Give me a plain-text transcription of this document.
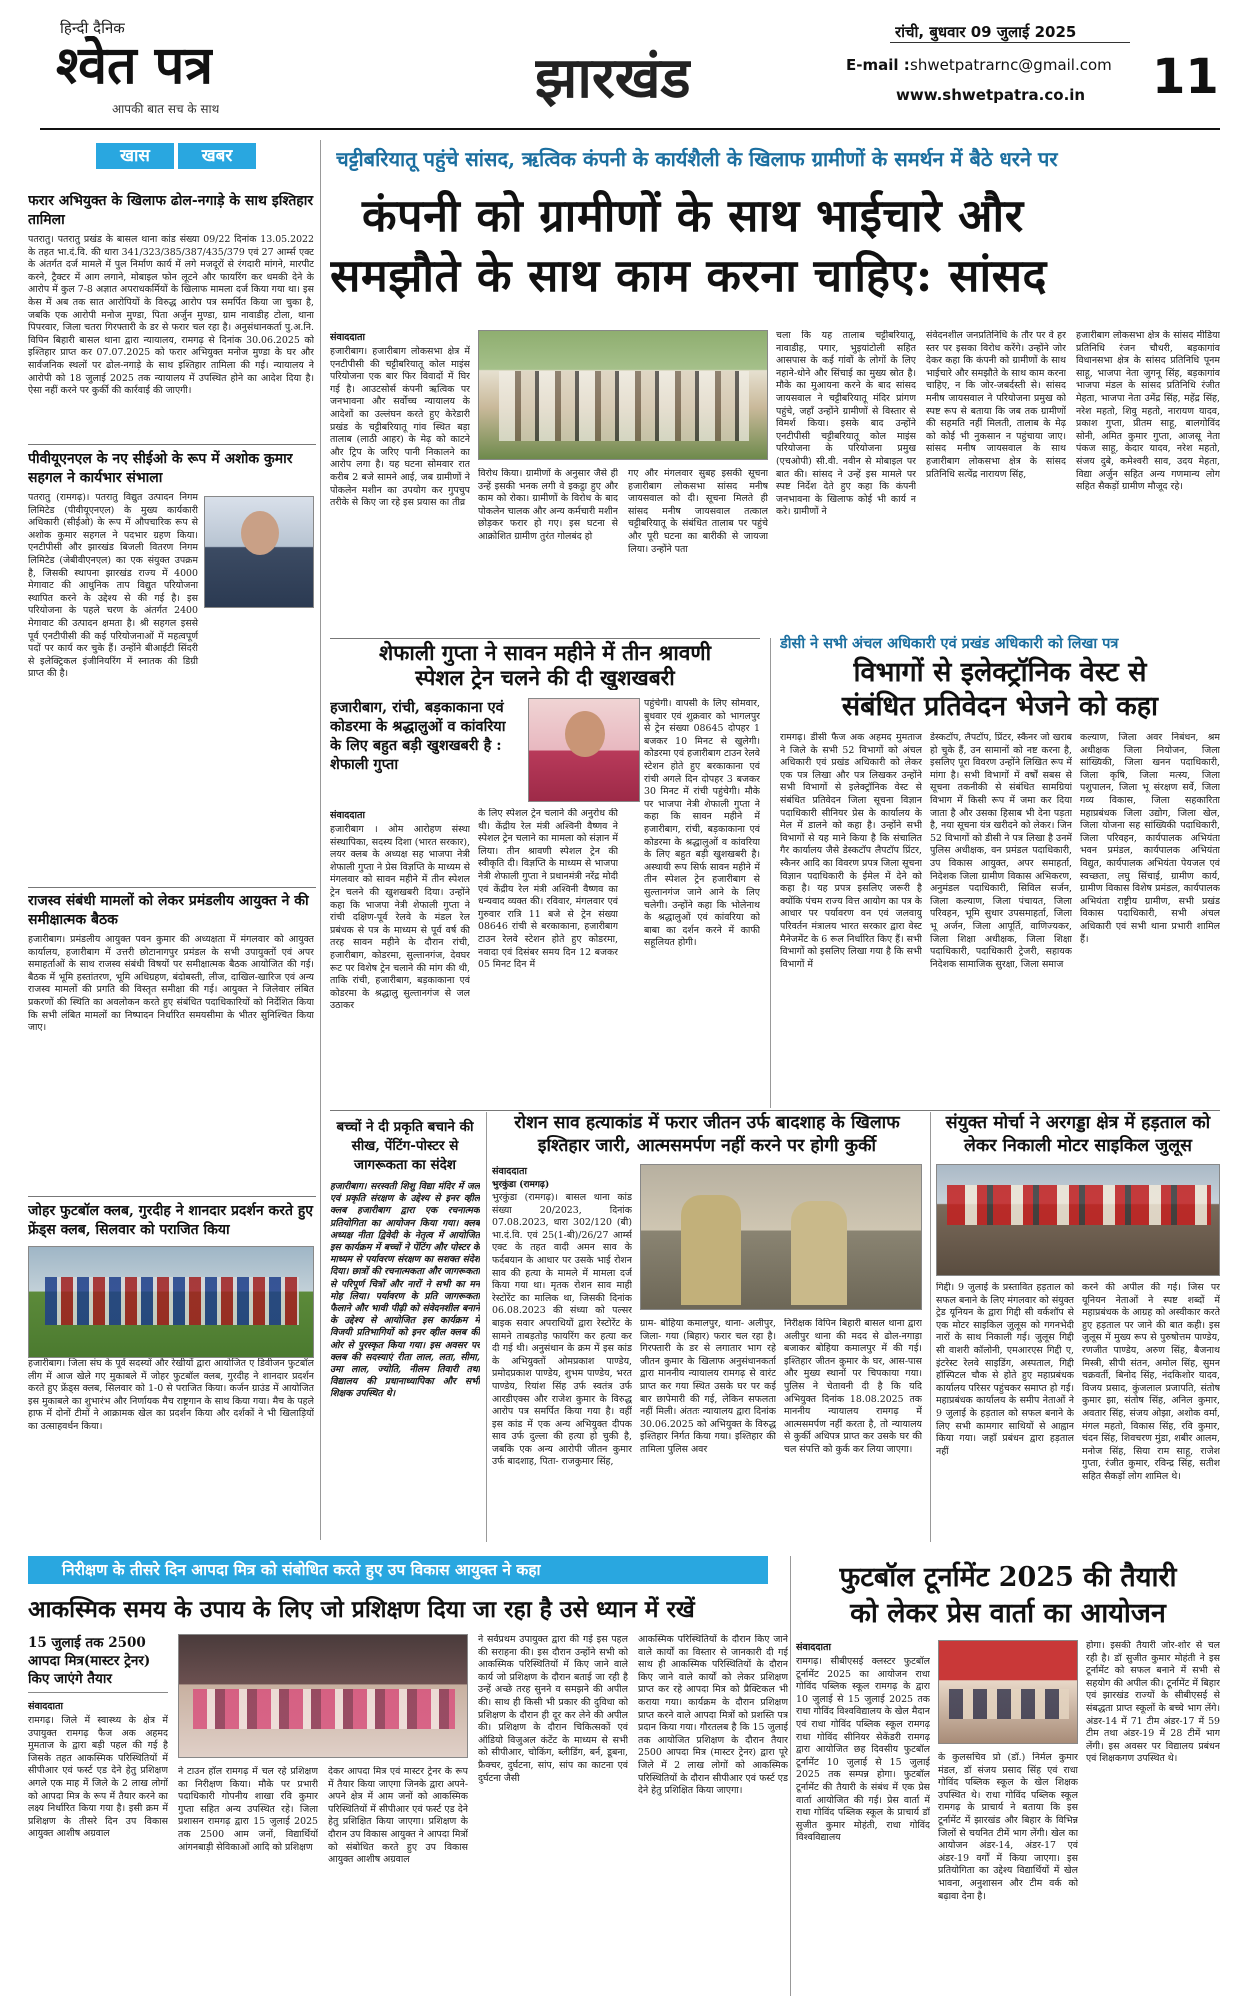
हिन्दी दैनिक
श्वेत पत्र
आपकी बात सच के साथ	झारखंड
रांची, बुधवार 09 जुलाई 2025
E-mail : shwetpatrarnc@gmail.com
www.shwetpatra.co.in 11
खास	खबर	चट्टीबरियातू पहुंचे सांसद, ऋत्विक कंपनी के कार्यशैली के खिलाफ ग्रामीणों के समर्थन में बैठे धरने पर
कंपनी को ग्रामीणों के साथ भाईचारे और
समझौते के साथ काम करना चाहिए: सांसद
फरार अभियुक्त के खिलाफ ढोल-नगाड़े के साथ इश्तिहार तामिला

पतरातु। पतरातु प्रखंड के बासल थाना कांड संख्या 09/22 दिनांक 13.05.2022 के तहत भा.दं.वि. की धारा 341/323/385/387/435/379 एवं 27 आर्म्स एक्ट के अंतर्गत दर्ज मामले में पुल निर्माण कार्य में लगे मजदूरों से रंगदारी मांगने, मारपीट करने, ट्रैक्टर में आग लगाने, मोबाइल फोन लूटने और फायरिंग कर धमकी देने के आरोप में कुल 7-8 अज्ञात अपराधकर्मियों के खिलाफ मामला दर्ज किया गया था। इस केस में अब तक सात आरोपियों के विरुद्ध आरोप पत्र समर्पित किया जा चुका है, जबकि एक आरोपी मनोज मुण्डा, पिता अर्जुन मुण्डा, ग्राम नावाडीह टोला, थाना पिपरवार, जिला चतरा गिरफ्तारी के डर से फरार चल रहा है। अनुसंधानकर्ता पु.अ.नि. विपिन बिहारी बासल थाना द्वारा न्यायालय, रामगढ़ से दिनांक 30.06.2025 को इश्तिहार प्राप्त कर 07.07.2025 को फरार अभियुक्त मनोज मुण्डा के घर और सार्वजनिक स्थलों पर ढोल-नगाड़े के साथ इश्तिहार तामिला की गई। न्यायालय ने आरोपी को 18 जुलाई 2025 तक न्यायालय में उपस्थित होने का आदेश दिया है। ऐसा नहीं करने पर कुर्की की कार्रवाई की जाएगी।

पीवीयूएनएल के नए सीईओ के रूप में अशोक कुमार सहगल ने कार्यभार संभाला

पतरातु (रामगढ़)। पतरातु विद्युत उत्पादन निगम लिमिटेड (पीवीयूएनएल) के मुख्य कार्यकारी अधिकारी (सीईओ) के रूप में औपचारिक रूप से अशोक कुमार सहगल ने पदभार ग्रहण किया। एनटीपीसी और झारखंड बिजली वितरण निगम लिमिटेड (जेबीवीएनएल) का एक संयुक्त उपक्रम है, जिसकी स्थापना झारखंड राज्य में 4000 मेगावाट की आधुनिक ताप विद्युत परियोजना स्थापित करने के उद्देश्य से की गई है। इस परियोजना के पहले चरण के अंतर्गत 2400 मेगावाट की उत्पादन क्षमता है। श्री सहगल इससे पूर्व एनटीपीसी की कई परियोजनाओं में महत्वपूर्ण पदों पर कार्य कर चुके हैं। उन्होंने बीआईटी सिंदरी से इलेक्ट्रिकल इंजीनियरिंग में स्नातक की डिग्री प्राप्त की है।

राजस्व संबंधी मामलों को लेकर प्रमंडलीय आयुक्त ने की समीक्षात्मक बैठक

हजारीबाग। प्रमंडलीय आयुक्त पवन कुमार की अध्यक्षता में मंगलवार को आयुक्त कार्यालय, हजारीबाग में उत्तरी छोटानागपुर प्रमंडल के सभी उपायुक्तों एवं अपर समाहर्ताओं के साथ राजस्व संबंधी विषयों पर समीक्षात्मक बैठक आयोजित की गई। बैठक में भूमि हस्तांतरण, भूमि अधिग्रहण, बंदोबस्ती, लीज, दाखिल-खारिज एवं अन्य राजस्व मामलों की प्रगति की विस्तृत समीक्षा की गई। आयुक्त ने जिलेवार लंबित प्रकरणों की स्थिति का अवलोकन करते हुए संबंधित पदाधिकारियों को निर्देशित किया कि सभी लंबित मामलों का निष्पादन निर्धारित समयसीमा के भीतर सुनिश्चित किया जाए।

जोहर फुटबॉल क्लब, गुरदीह ने शानदार प्रदर्शन करते हुए फ्रेंड्स क्लब, सिलवार को पराजित किया

हजारीबाग। जिला संघ के पूर्व सदस्यों और रेखीयों द्वारा आयोजित ए डिवीजन फुटबॉल लीग में आज खेले गए मुकाबले में जोहर फुटबॉल क्लब, गुरदीह ने शानदार प्रदर्शन करते हुए फ्रेंड्स क्लब, सिलवार को 1-0 से पराजित किया। कर्जन ग्राउंड में आयोजित इस मुकाबले का शुभारंभ और निर्णायक मैच राष्ट्रगान के साथ किया गया। मैच के पहले हाफ में दोनों टीमों ने आक्रामक खेल का प्रदर्शन किया और दर्शकों ने भी खिलाड़ियों का उत्साहवर्धन किया।

संवाददाता

हजारीबाग। हजारीबाग लोकसभा क्षेत्र में एनटीपीसी की चट्टीबरियातू कोल माइंस परियोजना एक बार फिर विवादों में घिर गई है। आउटसोर्स कंपनी ऋत्विक पर जनभावना और सर्वोच्च न्यायालय के आदेशों का उल्लंघन करते हुए केरेडारी प्रखंड के चट्टीबरियातू गांव स्थित बड़ा तालाब (लाठी आहर) के मेढ़ को काटने और ट्रिप के जरिए पानी निकालने का आरोप लगा है। यह घटना सोमवार रात करीब 2 बजे सामने आई, जब ग्रामीणों ने पोकलेन मशीन का उपयोग कर गुपचुप तरीके से किए जा रहे इस प्रयास का तीव्र

विरोध किया। ग्रामीणों के अनुसार जैसे ही उन्हें इसकी भनक लगी वे इकट्ठा हुए और काम को रोका। ग्रामीणों के विरोध के बाद पोकलेन चालक और अन्य कर्मचारी मशीन छोड़कर फरार हो गए। इस घटना से आक्रोशित ग्रामीण तुरंत गोलबंद हो

गए और मंगलवार सुबह इसकी सूचना हजारीबाग लोकसभा सांसद मनीष जायसवाल को दी। सूचना मिलते ही सांसद मनीष जायसवाल तत्काल चट्टीबरियातू के संबंधित तालाब पर पहुंचे और पूरी घटना का बारीकी से जायजा लिया। उन्होंने पता

चला कि यह तालाब चट्टीबरियातू, नावाडीह, पगार, भुइयांटोली सहित आसपास के कई गांवों के लोगों के लिए नहाने-धोने और सिंचाई का मुख्य स्रोत है। मौके का मुआयना करने के बाद सांसद जायसवाल ने चट्टीबरियातू मंदिर प्रांगण पहुंचे, जहाँ उन्होंने ग्रामीणों से विस्तार से विमर्श किया। इसके बाद उन्होंने एनटीपीसी चट्टीबरियातू कोल माइंस परियोजना के परियोजना प्रमुख (एचओपी) सी.वी. नवीन से मोबाइल पर बात की। सांसद ने उन्हें इस मामले पर स्पष्ट निर्देश देते हुए कहा कि कंपनी जनभावना के खिलाफ कोई भी कार्य न करे। ग्रामीणों ने

संवेदनशील जनप्रतिनिधि के तौर पर वे हर स्तर पर इसका विरोध करेंगे। उन्होंने जोर देकर कहा कि कंपनी को ग्रामीणों के साथ भाईचारे और समझौते के साथ काम करना चाहिए, न कि जोर-जबर्दस्ती से। सांसद मनीष जायसवाल ने परियोजना प्रमुख को स्पष्ट रूप से बताया कि जब तक ग्रामीणों की सहमति नहीं मिलती, तालाब के मेढ़ को कोई भी नुकसान न पहुंचाया जाए। सांसद मनीष जायसवाल के साथ हजारीबाग लोकसभा क्षेत्र के सांसद प्रतिनिधि सत्येंद्र नारायण सिंह,

हजारीबाग लोकसभा क्षेत्र के सांसद मीडिया प्रतिनिधि रंजन चौधरी, बड़कागांव विधानसभा क्षेत्र के सांसद प्रतिनिधि पूनम साहू, भाजपा नेता जुगनू सिंह, बड़कागांव भाजपा मंडल के सांसद प्रतिनिधि रंजीत मेहता, भाजपा नेता उमेंद्र सिंह, महेंद्र सिंह, नरेश महतो, शिवु महतो, नारायण यादव, प्रकाश गुप्ता, प्रीतम साहू, बालगोविंद सोनी, अमित कुमार गुप्ता, आजसू नेता पंकज साहू, केदार यादव, नरेश महतो, संजय दुबे, कमेश्वरी साव, उदय मेहता, विद्या अर्जुन सहित अन्य गणमान्य लोग सहित सैकड़ों ग्रामीण मौजूद रहे।

शेफाली गुप्ता ने सावन महीने में तीन श्रावणी
स्पेशल ट्रेन चलने की दी खुशखबरी
हजारीबाग, रांची, बड़काकाना एवं कोडरमा के श्रद्धालुओं व कांवरिया के लिए बहुत बड़ी खुशखबरी है : शेफाली गुप्ता
संवाददाता

हजारीबाग । ओम आरोहण संस्था संस्थापिका, सदस्य दिशा (भारत सरकार), लयर क्लब के अध्यक्ष सह भाजपा नेत्री शेफाली गुप्ता ने प्रेस विज्ञप्ति के माध्यम से मंगलवार को सावन महीने में तीन स्पेशल ट्रेन चलने की खुशखबरी दिया। उन्होंने कहा कि भाजपा नेत्री शेफाली गुप्ता ने रांची दक्षिण-पूर्व रेलवे के मंडल रेल प्रबंधक से पत्र के माध्यम से पूर्व वर्ष की तरह सावन महीने के दौरान रांची, हजारीबाग, कोडरमा, सुल्तानगंज, देवघर रूट पर विशेष ट्रेन चलाने की मांग की थी, ताकि रांची, हजारीबाग, बड़काकाना एवं कोडरमा के श्रद्धालु सुल्तानगंज से जल उठाकर

के लिए स्पेशल ट्रेन चलाने की अनुरोध की थी। केंद्रीय रेल मंत्री अश्विनी वैष्णव ने स्पेशल ट्रेन चलाने का मामला को संज्ञान में लिया। तीन श्रावणी स्पेशल ट्रेन की स्वीकृति दी। विज्ञप्ति के माध्यम से भाजपा नेत्री शेफाली गुप्ता ने प्रधानमंत्री नरेंद्र मोदी एवं केंद्रीय रेल मंत्री अश्विनी वैष्णव का धन्यवाद व्यक्त की। रविवार, मंगलवार एवं गुरुवार रात्रि 11 बजे से ट्रेन संख्या 08646 रांची से बरकाकाना, हजारीबाग टाउन रेलवे स्टेशन होते हुए कोडरमा, नवादा एवं दिसंबर समय दिन 12 बजकर 05 मिनट दिन में

पहुंचेगी। वापसी के लिए सोमवार, बुधवार एवं शुक्रवार को भागलपुर से ट्रेन संख्या 08645 दोपहर 1 बजकर 10 मिनट से खुलेगी। कोडरमा एवं हजारीबाग टाउन रेलवे स्टेशन होते हुए बरकाकाना एवं रांची अगले दिन दोपहर 3 बजकर 30 मिनट में रांची पहुंचेगी। मौके पर भाजपा नेत्री शेफाली गुप्ता ने कहा कि सावन महीने में हजारीबाग, रांची, बड़काकाना एवं कोडरमा के श्रद्धालुओं व कांवरिया के लिए बहुत बड़ी खुशखबरी है। अस्थायी रूप सिर्फ सावन महीने में तीन स्पेशल ट्रेन हजारीबाग से सुल्तानगंज जाने आने के लिए चलेगी। उन्होंने कहा कि भोलेनाथ के श्रद्धालुओं एवं कांवरिया को बाबा का दर्शन करने में काफी सहूलियत होगी।

डीसी ने सभी अंचल अधिकारी एवं प्रखंड अधिकारी को लिखा पत्र
विभागों से इलेक्ट्रॉनिक वेस्ट से
संबंधित प्रतिवेदन भेजने को कहा

रामगढ़। डीसी फैज अक अहमद मुमताज ने जिले के सभी 52 विभागों को अंचल अधिकारी एवं प्रखंड अधिकारी को लेकर एक पत्र लिखा और पत्र लिखकर उन्होंने सभी विभागों से इलेक्ट्रॉनिक वेस्ट से संबंधित प्रतिवेदन जिला सूचना विज्ञान पदाधिकारी सीनियर प्रेस के कार्यालय के मेल में डालने को कहा है। उन्होंने सभी विभागों से यह माने किया है कि संचालित गैर कार्यालय जैसे डेस्कटॉप लैपटॉप प्रिंटर, स्कैनर आदि का विवरण प्रपत्र जिला सूचना विज्ञान पदाधिकारी के ईमेल में देने को कहा है। यह प्रपत्र इसलिए जरूरी है क्योंकि पंचम राज्य वित्त आयोग का पत्र के आधार पर पर्यावरण वन एवं जलवायु परिवर्तन मंत्रालय भारत सरकार द्वारा वेस्ट मैनेजमेंट के 6 रूल निर्धारित किए हैं। सभी विभागों को इसलिए लिखा गया है कि सभी विभागों में

डेस्कटॉप, लैपटॉप, प्रिंटर, स्कैनर जो खराब हो चुके हैं, उन सामानों को नष्ट करना है, इसलिए पूरा विवरण उन्होंने लिखित रूप में मांगा है। सभी विभागों में वर्षों सबस से सूचना तकनीकी से संबंधित सामग्रियां विभाग में किसी रूप में जमा कर दिया जाता है और उसका हिसाब भी देना पड़ता है, नया सूचना यंत्र खरीदने को लेकर। जिन 52 विभागों को डीसी ने पत्र लिखा है उनमें पुलिस अधीक्षक, वन प्रमंडल पदाधिकारी, उप विकास आयुक्त, अपर समाहर्ता, निदेशक जिला ग्रामीण विकास अभिकरण, अनुमंडल पदाधिकारी, सिविल सर्जन, जिला कल्याण, जिला पंचायत, जिला परिवहन, भूमि सुधार उपसमाहर्ता, जिला भू अर्जन, जिला आपूर्ति, वाणिज्यकर, जिला शिक्षा अधीक्षक, जिला शिक्षा पदाधिकारी, पदाधिकारी ट्रेजरी, सहायक निदेशक सामाजिक सुरक्षा, जिला समाज

कल्याण, जिला अवर निबंधन, श्रम अधीक्षक जिला नियोजन, जिला सांख्यिकी, जिला खनन पदाधिकारी, जिला कृषि, जिला मत्स्य, जिला पशुपालन, जिला भू संरक्षण सर्वे, जिला गव्य विकास, जिला सहकारिता महाप्रबंधक जिला उद्योग, जिला खेल, जिला योजना सह सांख्यिकी पदाधिकारी, जिला परिवहन, कार्यपालक अभियंता भवन प्रमंडल, कार्यपालक अभियंता विद्युत, कार्यपालक अभियंता पेयजल एवं स्वच्छता, लघु सिंचाई, ग्रामीण कार्य, ग्रामीण विकास विशेष प्रमंडल, कार्यपालक अभियंता राष्ट्रीय ग्रामीण, सभी प्रखंड विकास पदाधिकारी, सभी अंचल अधिकारी एवं सभी थाना प्रभारी शामिल हैं।

बच्चों ने दी प्रकृति बचाने की सीख, पेंटिंग-पोस्टर से जागरूकता का संदेश

हजारीबाग। सरस्वती शिशु विद्या मंदिर में जल एवं प्रकृति संरक्षण के उद्देश्य से इनर व्हील क्लब हजारीबाग द्वारा एक रचनात्मक प्रतियोगिता का आयोजन किया गया। क्लब अध्यक्ष नीता द्विवेदी के नेतृत्व में आयोजित इस कार्यक्रम में बच्चों ने पेंटिंग और पोस्टर के माध्यम से पर्यावरण संरक्षण का सशक्त संदेश दिया। छात्रों की रचनात्मकता और जागरूकता से परिपूर्ण चित्रों और नारों ने सभी का मन मोह लिया। पर्यावरण के प्रति जागरूकता फैलाने और भावी पीढ़ी को संवेदनशील बनाने के उद्देश्य से आयोजित इस कार्यक्रम में विजयी प्रतिभागियों को इनर व्हील क्लब की ओर से पुरस्कृत किया गया। इस अवसर पर क्लब की सदस्याएं रीता लाल, लता, सीमा, उमा लाल, ज्योति, नीलम तिवारी तथा विद्यालय की प्रधानाध्यापिका और सभी शिक्षक उपस्थित थे।

रोशन साव हत्याकांड में फरार जीतन उर्फ बादशाह के खिलाफ
इश्तिहार जारी, आत्मसमर्पण नहीं करने पर होगी कुर्की
संवाददाता
भुरकुंडा (रामगढ़)

भुरकुंडा (रामगढ़)। बासल थाना कांड संख्या 20/2023, दिनांक 07.08.2023, धारा 302/120 (बी) भा.दं.वि. एवं 25(1-बी)/26/27 आर्म्स एक्ट के तहत वादी अमन साव के फर्दबयान के आधार पर उसके भाई रोशन साव की हत्या के मामले में मामला दर्ज किया गया था। मृतक रोशन साव माही रेस्टोरेंट का मालिक था, जिसकी दिनांक 06.08.2023 की संध्या को पल्सर बाइक सवार अपराधियों द्वारा रेस्टोरेंट के सामने ताबड़तोड़ फायरिंग कर हत्या कर दी गई थी। अनुसंधान के क्रम में इस कांड के अभियुक्तों ओमप्रकाश पाण्डेय, प्रमोदप्रकाश पाण्डेय, शुभम पाण्डेय, भरत पाण्डेय, रियांश सिंह उर्फ स्वतंत्र उर्फ आरडीएक्स और राजेश कुमार के विरुद्ध आरोप पत्र समर्पित किया गया है। वहीं इस कांड में एक अन्य अभियुक्त दीपक साव उर्फ दुल्ला की हत्या हो चुकी है, जबकि एक अन्य आरोपी जीतन कुमार उर्फ बादशाह, पिता- राजकुमार सिंह,

ग्राम- बोहिया कमालपुर, थाना- अलीपुर, जिला- गया (बिहार) फरार चल रहा है। गिरफ्तारी के डर से लगातार भाग रहे जीतन कुमार के खिलाफ अनुसंधानकर्ता द्वारा माननीय न्यायालय रामगढ़ से वारंट प्राप्त कर गया स्थित उसके घर पर कई बार छापेमारी की गई, लेकिन सफलता नहीं मिली। अंततः न्यायालय द्वारा दिनांक 30.06.2025 को अभियुक्त के विरुद्ध इश्तिहार निर्गत किया गया। इश्तिहार की तामिला पुलिस अवर

निरीक्षक विपिन बिहारी बासल थाना द्वारा अलीपुर थाना की मदद से ढोल-नगाड़ा बजाकर बोहिया कमालपुर में की गई। इश्तिहार जीतन कुमार के घर, आस-पास और मुख्य स्थानों पर चिपकाया गया। पुलिस ने चेतावनी दी है कि यदि अभियुक्त दिनांक 18.08.2025 तक माननीय न्यायालय रामगढ़ में आत्मसमर्पण नहीं करता है, तो न्यायालय से कुर्की अधिपत्र प्राप्त कर उसके घर की चल संपत्ति को कुर्क कर लिया जाएगा।

संयुक्त मोर्चा ने अरगड्डा क्षेत्र में हड़ताल को
लेकर निकाली मोटर साइकिल जुलूस

गिद्दी। 9 जुलाई के प्रस्तावित हड़ताल को सफल बनाने के लिए मंगलवार को संयुक्त ट्रेड यूनियन के द्वारा गिद्दी सी वर्कशॉप से एक मोटर साइकिल जुलूस को गगनभेदी नारों के साथ निकाली गई। जुलूस गिद्दी सी वाशरी कॉलोनी, एमआरएस गिद्दी ए, इंटरेस्ट रेलवे साइडिंग, अस्पताल, गिद्दी हॉस्पिटल चौक से होते हुए महाप्रबंधक कार्यालय परिसर पहुंचकर समाप्त हो गई। महाप्रबंधक कार्यालय के समीप नेताओं ने 9 जुलाई के हड़ताल को सफल बनाने के लिए सभी कामगार साथियों से आह्वान किया गया। जहाँ प्रबंधन द्वारा हड़ताल नहीं

करने की अपील की गई। जिस पर यूनियन नेताओं ने स्पष्ट शब्दों में महाप्रबंधक के आग्रह को अस्वीकार करते हुए हड़ताल पर जाने की बात कही। इस जुलूस में मुख्य रूप से पुरुषोत्तम पाण्डेय, रणजीत पाण्डेय, अरुण सिंह, बैजनाथ मिस्त्री, सीपी संतन, अमोल सिंह, सुमन चक्रवर्ती, बिनोद सिंह, नंदकिशोर यादव, विजय प्रसाद, कुंजलाल प्रजापति, संतोष कुमार झा, संतोष सिंह, अनिल कुमार, अवतार सिंह, संजय ओझा, अशोक वर्मा, मंगल महतो, विकास सिंह, रवि कुमार, चंदन सिंह, शिवचरण मुंडा, शबीर आलम, मनोज सिंह, सिया राम साहू, राजेश गुप्ता, रंजीत कुमार, रविन्द्र सिंह, सतीश सहित सैकड़ों लोग शामिल थे।

निरीक्षण के तीसरे दिन आपदा मित्र को संबोधित करते हुए उप विकास आयुक्त ने कहा
आकस्मिक समय के उपाय के लिए जो प्रशिक्षण दिया जा रहा है उसे ध्यान में रखें
15 जुलाई तक 2500 आपदा मित्र(मास्टर ट्रेनर) किए जाएंगे तैयार
संवाददाता

रामगढ़। जिले में स्वास्थ्य के क्षेत्र में उपायुक्त रामगढ़ फैज अक अहमद मुमताज के द्वारा बड़ी पहल की गई है जिसके तहत आकस्मिक परिस्थितियों में सीपीआर एवं फर्स्ट एड देने हेतु प्रशिक्षण अगले एक माह में जिले के 2 लाख लोगों को आपदा मित्र के रूप में तैयार करने का लक्ष्य निर्धारित किया गया है। इसी क्रम में प्रशिक्षण के तीसरे दिन उप विकास आयुक्त आशीष अग्रवाल

ने टाउन हॉल रामगढ़ में चल रहे प्रशिक्षण का निरीक्षण किया। मौके पर प्रभारी पदाधिकारी गोपनीय शाखा रवि कुमार गुप्ता सहित अन्य उपस्थित रहे। जिला प्रशासन रामगढ़ द्वारा 15 जुलाई 2025 तक 2500 आम जनों, विद्यार्थियों आंगनबाड़ी सेविकाओं आदि को प्रशिक्षण

देकर आपदा मित्र एवं मास्टर ट्रेनर के रूप में तैयार किया जाएगा जिनके द्वारा अपने-अपने क्षेत्र में आम जनों को आकस्मिक परिस्थितियों में सीपीआर एवं फर्स्ट एड देने हेतु प्रशिक्षित किया जाएगा। प्रशिक्षण के दौरान उप विकास आयुक्त ने आपदा मित्रों को संबोधित करते हुए उप विकास आयुक्त आशीष अग्रवाल

ने सर्वप्रथम उपायुक्त द्वारा की गई इस पहल की सराहना की। इस दौरान उन्होंने सभी को आकस्मिक परिस्थितियों में किए जाने वाले कार्य जो प्रशिक्षण के दौरान बताई जा रही है उन्हें अच्छे तरह सुनने व समझने की अपील की। साथ ही किसी भी प्रकार की दुविधा को प्रशिक्षण के दौरान ही दूर कर लेने की अपील की। प्रशिक्षण के दौरान चिकित्सकों एवं ऑडियो विजुअल कंटेंट के माध्यम से सभी को सीपीआर, चोकिंग, ब्लीडिंग, बर्न, डूबना, फ्रैक्चर, दुर्घटना, सांप, सांप का काटना एवं दुर्घटना जैसी

आकस्मिक परिस्थितियों के दौरान किए जाने वाले कार्यों का विस्तार से जानकारी दी गई साथ ही आकस्मिक परिस्थितियों के दौरान किए जाने वाले कार्यों को लेकर प्रशिक्षण प्राप्त कर रहे आपदा मित्र को प्रैक्टिकल भी कराया गया। कार्यक्रम के दौरान प्रशिक्षण प्राप्त करने वाले आपदा मित्रों को प्रशस्ति पत्र प्रदान किया गया। गौरतलब है कि 15 जुलाई तक आयोजित प्रशिक्षण के दौरान तैयार 2500 आपदा मित्र (मास्टर ट्रेनर) द्वारा पूरे जिले में 2 लाख लोगों को आकस्मिक परिस्थितियों के दौरान सीपीआर एवं फर्स्ट एड देने हेतु प्रशिक्षित किया जाएगा।

फुटबॉल टूर्नामेंट 2025 की तैयारी
को लेकर प्रेस वार्ता का आयोजन
संवाददाता

रामगढ़। सीबीएसई क्लस्टर फुटबॉल टूर्नामेंट 2025 का आयोजन राधा गोविंद पब्लिक स्कूल रामगढ़ के द्वारा 10 जुलाई से 15 जुलाई 2025 तक राधा गोविंद विश्वविद्यालय के खेल मैदान एवं राधा गोविंद पब्लिक स्कूल रामगढ़ राधा गोविंद सीनियर सेकेंडरी रामगढ़ द्वारा आयोजित छह दिवसीय फुटबॉल टूर्नामेंट 10 जुलाई से 15 जुलाई 2025 तक सम्पन्न होगा। फुटबॉल टूर्नामेंट की तैयारी के संबंध में एक प्रेस वार्ता आयोजित की गई। प्रेस वार्ता में राधा गोविंद पब्लिक स्कूल के प्राचार्य डॉ सुजीत कुमार मोहंती, राधा गोविंद विश्वविद्यालय

के कुलसचिव प्रो (डॉ.) निर्मल कुमार मंडल, डॉ संजय प्रसाद सिंह एवं राधा गोविंद पब्लिक स्कूल के खेल शिक्षक उपस्थित थे। राधा गोविंद पब्लिक स्कूल रामगढ़ के प्राचार्य ने बताया कि इस टूर्नामेंट में झारखंड और बिहार के विभिन्न जिलों से चयनित टीमें भाग लेंगी। खेल का आयोजन अंडर-14, अंडर-17 एवं अंडर-19 वर्गों में किया जाएगा। इस प्रतियोगिता का उद्देश्य विद्यार्थियों में खेल भावना, अनुशासन और टीम वर्क को बढ़ावा देना है।

होगा। इसकी तैयारी जोर-शोर से चल रही है। डॉ सुजीत कुमार मोहंती ने इस टूर्नामेंट को सफल बनाने में सभी से सहयोग की अपील की। टूर्नामेंट में बिहार एवं झारखंड राज्यों के सीबीएसई से संबद्धता प्राप्त स्कूलों के बच्चे भाग लेंगे। अंडर-14 में 71 टीम अंडर-17 में 59 टीम तथा अंडर-19 में 28 टीमें भाग लेंगी। इस अवसर पर विद्यालय प्रबंधन एवं शिक्षकगण उपस्थित थे।
